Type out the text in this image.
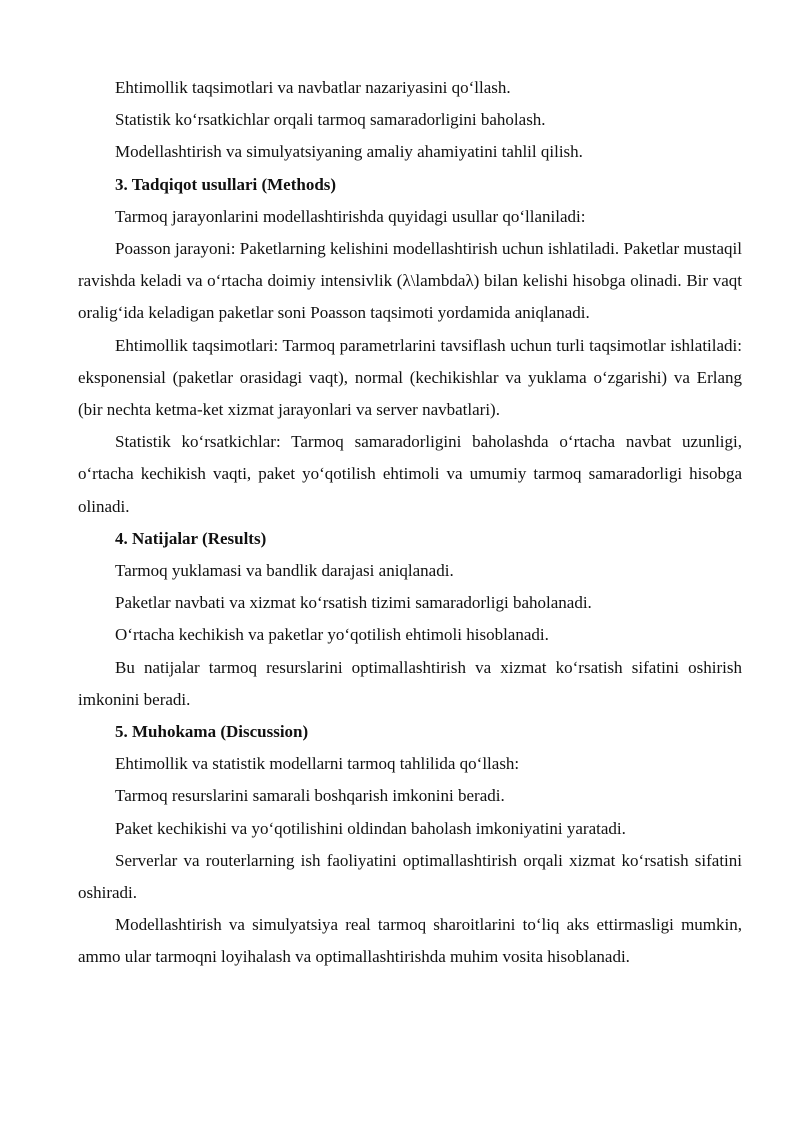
Ehtimollik taqsimotlari va navbatlar nazariyasini qo‘llash.

Statistik ko‘rsatkichlar orqali tarmoq samaradorligini baholash.

Modellashtirish va simulyatsiyaning amaliy ahamiyatini tahlil qilish.

3. Tadqiqot usullari (Methods)

Tarmoq jarayonlarini modellashtirishda quyidagi usullar qo‘llaniladi:

Poasson jarayoni: Paketlarning kelishini modellashtirish uchun ishlatiladi. Paketlar mustaqil ravishda keladi va o‘rtacha doimiy intensivlik (λ\lambdaλ) bilan kelishi hisobga olinadi. Bir vaqt oralig‘ida keladigan paketlar soni Poasson taqsimoti yordamida aniqlanadi.

Ehtimollik taqsimotlari: Tarmoq parametrlarini tavsiflash uchun turli taqsimotlar ishlatiladi: eksponensial (paketlar orasidagi vaqt), normal (kechikishlar va yuklama o‘zgarishi) va Erlang (bir nechta ketma-ket xizmat jarayonlari va server navbatlari).

Statistik ko‘rsatkichlar: Tarmoq samaradorligini baholashda o‘rtacha navbat uzunligi, o‘rtacha kechikish vaqti, paket yo‘qotilish ehtimoli va umumiy tarmoq samaradorligi hisobga olinadi.

4. Natijalar (Results)

Tarmoq yuklamasi va bandlik darajasi aniqlanadi.

Paketlar navbati va xizmat ko‘rsatish tizimi samaradorligi baholanadi.

O‘rtacha kechikish va paketlar yo‘qotilish ehtimoli hisoblanadi.

Bu natijalar tarmoq resurslarini optimallashtirish va xizmat ko‘rsatish sifatini oshirish imkonini beradi.

5. Muhokama (Discussion)

Ehtimollik va statistik modellarni tarmoq tahlilida qo‘llash:

Tarmoq resurslarini samarali boshqarish imkonini beradi.

Paket kechikishi va yo‘qotilishini oldindan baholash imkoniyatini yaratadi.

Serverlar va routerlarning ish faoliyatini optimallashtirish orqali xizmat ko‘rsatish sifatini oshiradi.

Modellashtirish va simulyatsiya real tarmoq sharoitlarini to‘liq aks ettirmasligi mumkin, ammo ular tarmoqni loyihalash va optimallashtirishda muhim vosita hisoblanadi.
